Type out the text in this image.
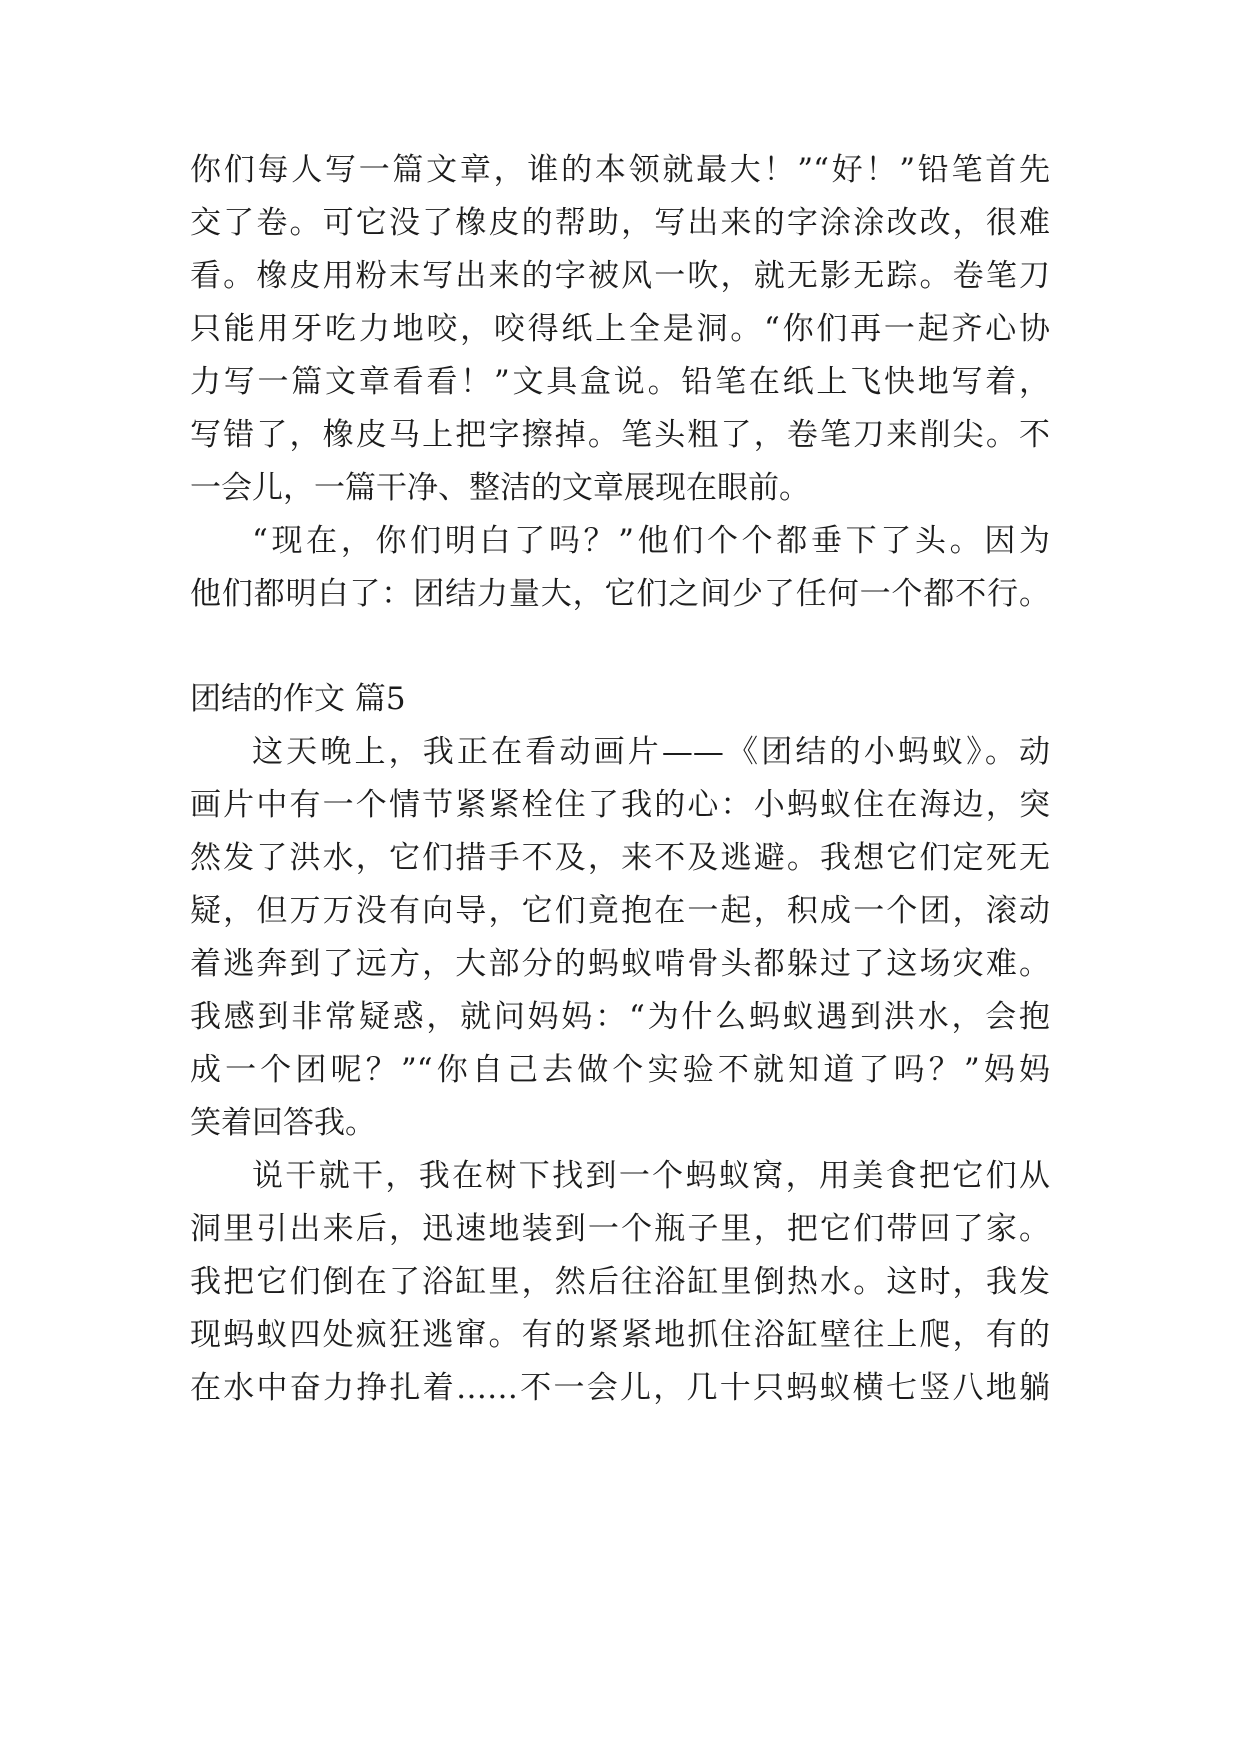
你们每人写一篇文章，谁的本领就最大！”“好！”铅笔首先
交了卷。可它没了橡皮的帮助，写出来的字涂涂改改，很难
看。橡皮用粉末写出来的字被风一吹，就无影无踪。卷笔刀
只能用牙吃力地咬，咬得纸上全是洞。“你们再一起齐心协
力写一篇文章看看！”文具盒说。铅笔在纸上飞快地写着，
写错了，橡皮马上把字擦掉。笔头粗了，卷笔刀来削尖。不
一会儿，一篇干净、整洁的文章展现在眼前。
“现在，你们明白了吗？”他们个个都垂下了头。因为
他们都明白了：团结力量大，它们之间少了任何一个都不行。
团结的作文 篇5
这天晚上，我正在看动画片——《团结的小蚂蚁》。动
画片中有一个情节紧紧栓住了我的心：小蚂蚁住在海边，突
然发了洪水，它们措手不及，来不及逃避。我想它们定死无
疑，但万万没有向导，它们竟抱在一起，积成一个团，滚动
着逃奔到了远方，大部分的蚂蚁啃骨头都躲过了这场灾难。
我感到非常疑惑，就问妈妈：“为什么蚂蚁遇到洪水，会抱
成一个团呢？”“你自己去做个实验不就知道了吗？”妈妈
笑着回答我。
说干就干，我在树下找到一个蚂蚁窝，用美食把它们从
洞里引出来后，迅速地装到一个瓶子里，把它们带回了家。
我把它们倒在了浴缸里，然后往浴缸里倒热水。这时，我发
现蚂蚁四处疯狂逃窜。有的紧紧地抓住浴缸壁往上爬，有的
在水中奋力挣扎着……不一会儿，几十只蚂蚁横七竖八地躺
